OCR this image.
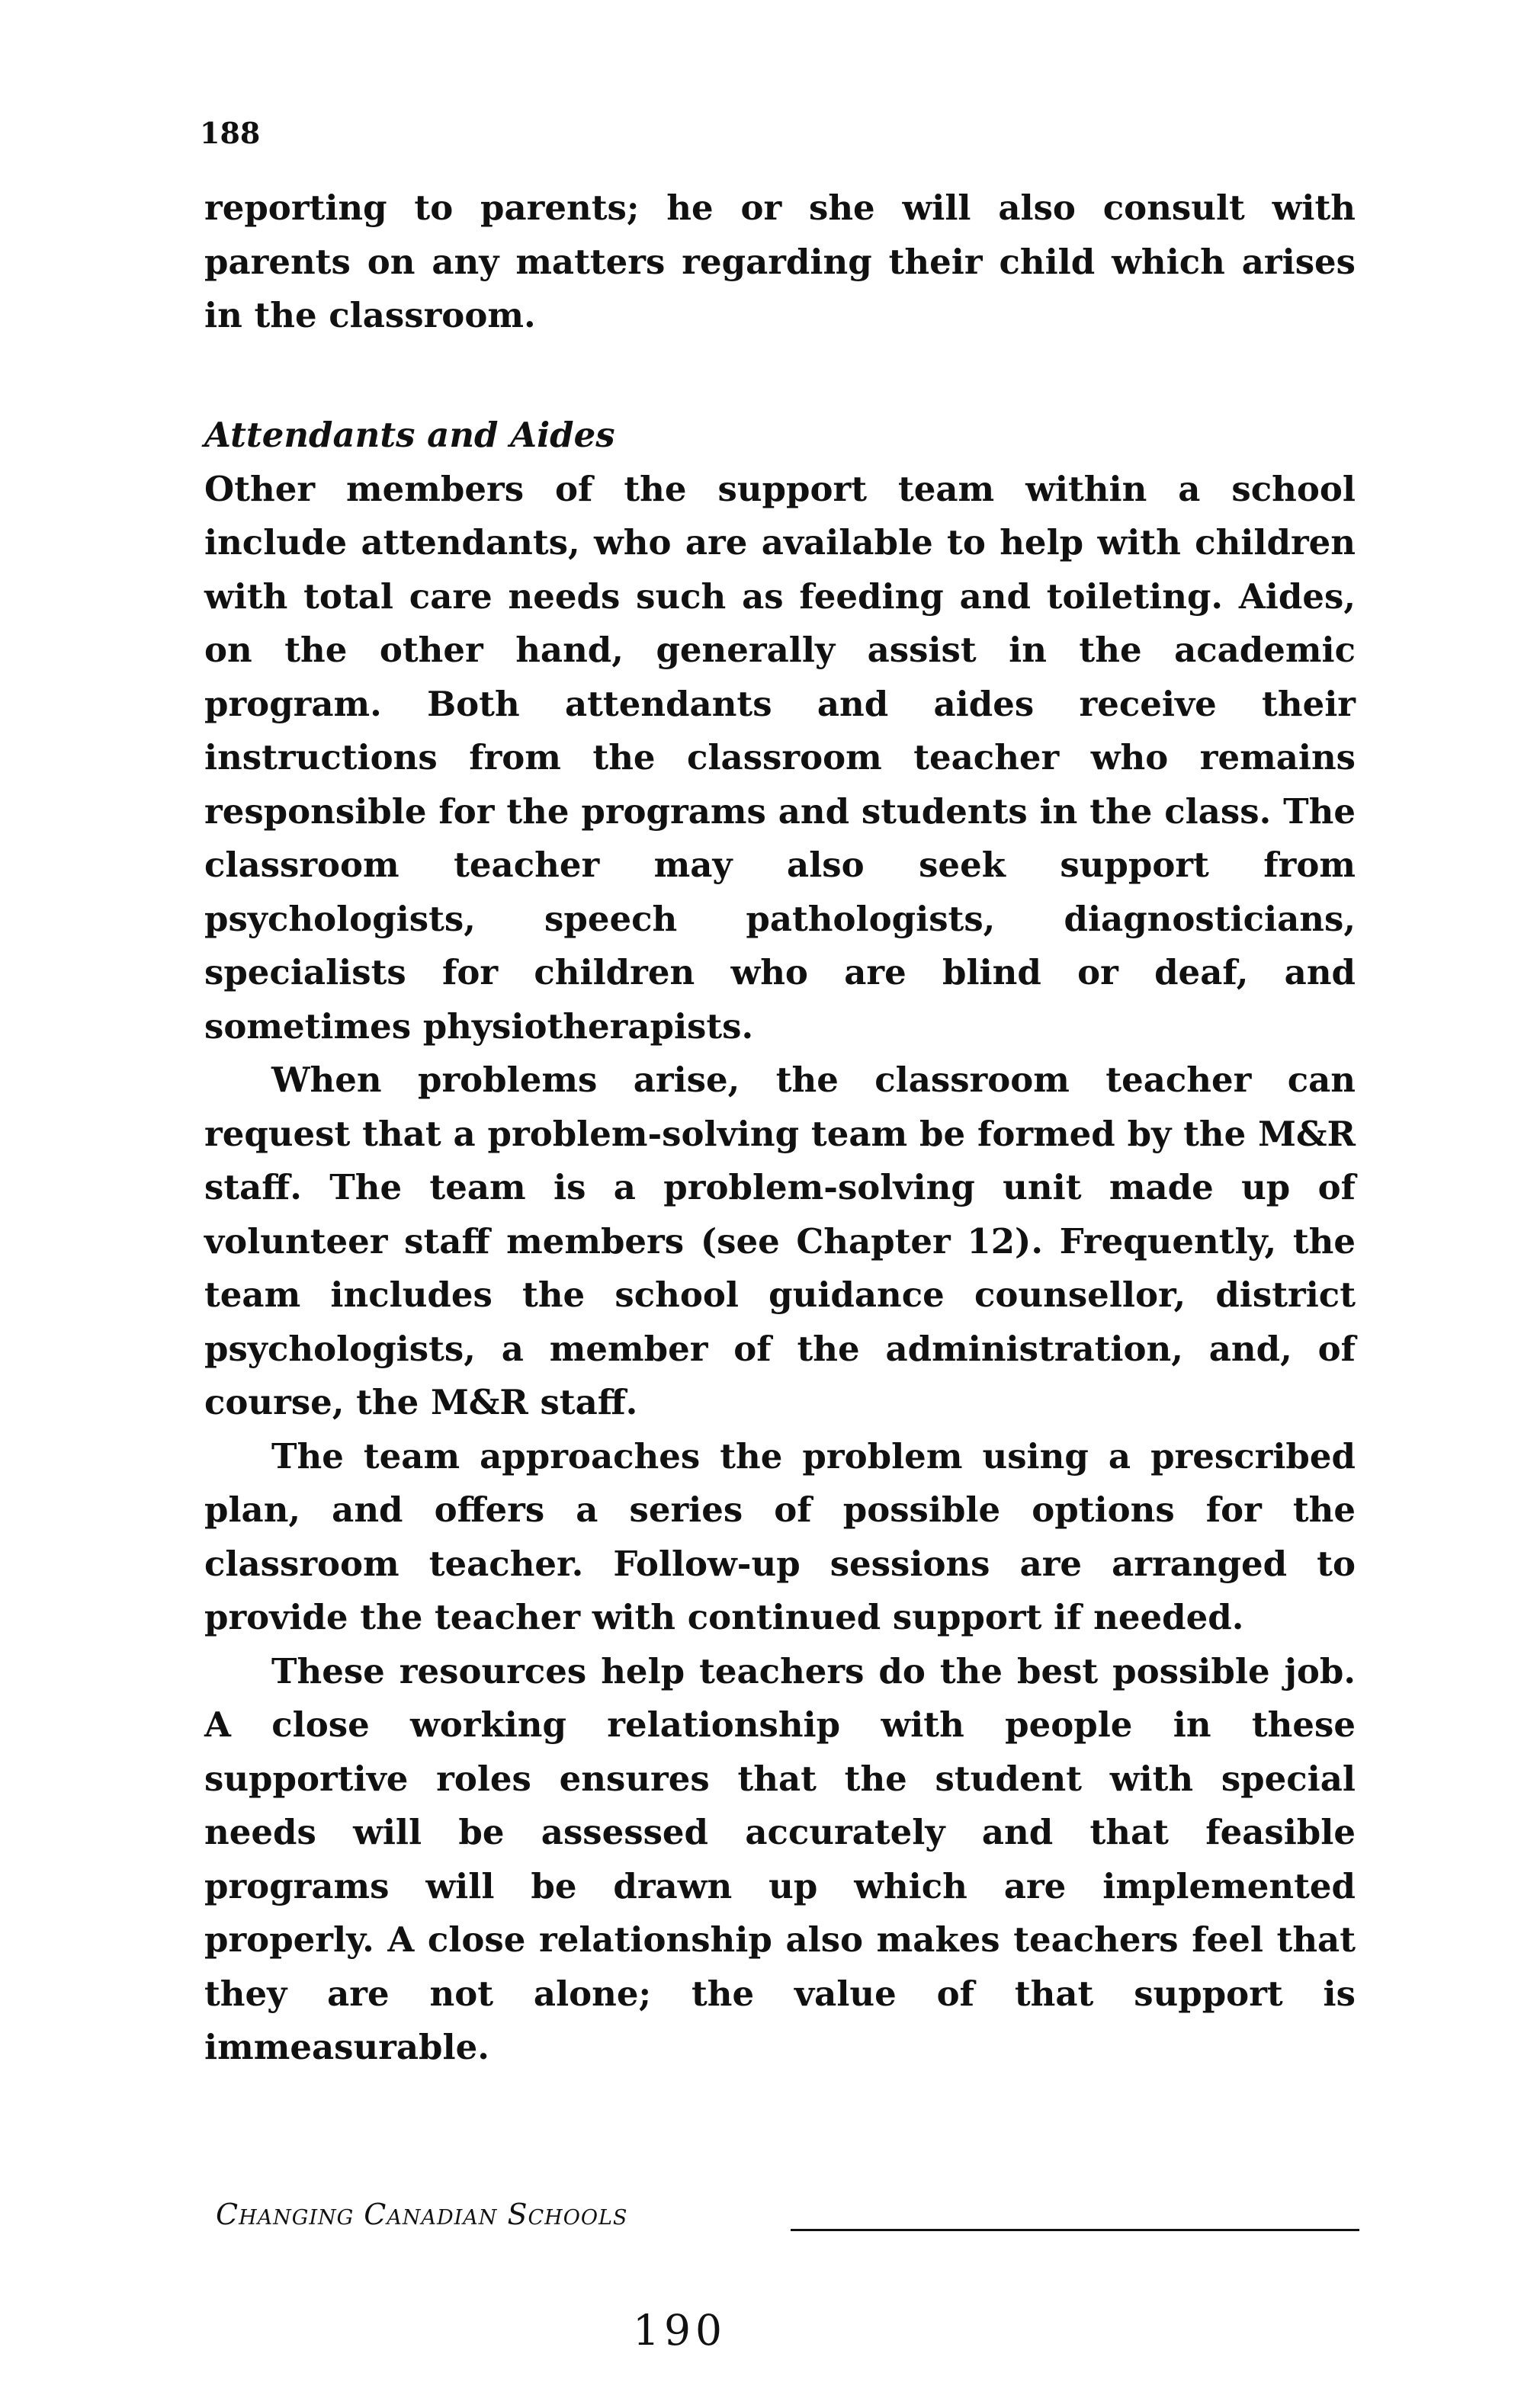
188

reporting to parents; he or she will also consult with parents on any matters regarding their child which arises in the classroom.

Attendants and Aides

Other members of the support team within a school include attendants, who are available to help with children with total care needs such as feeding and toileting. Aides, on the other hand, generally assist in the academic program. Both attendants and aides receive their instructions from the classroom teacher who remains responsible for the programs and students in the class. The classroom teacher may also seek support from psychologists, speech pathologists, diagnosticians, specialists for children who are blind or deaf, and sometimes physiotherapists.

When problems arise, the classroom teacher can request that a problem-solving team be formed by the M&R staff. The team is a problem-solving unit made up of volunteer staff members (see Chapter 12). Frequently, the team includes the school guidance counsellor, district psychologists, a member of the administration, and, of course, the M&R staff.

The team approaches the problem using a prescribed plan, and offers a series of possible options for the classroom teacher. Follow-up sessions are arranged to provide the teacher with continued support if needed.

These resources help teachers do the best possible job. A close working relationship with people in these supportive roles ensures that the student with special needs will be assessed accurately and that feasible programs will be drawn up which are implemented properly. A close relationship also makes teachers feel that they are not alone; the value of that support is immeasurable.

Changing Canadian Schools
190
